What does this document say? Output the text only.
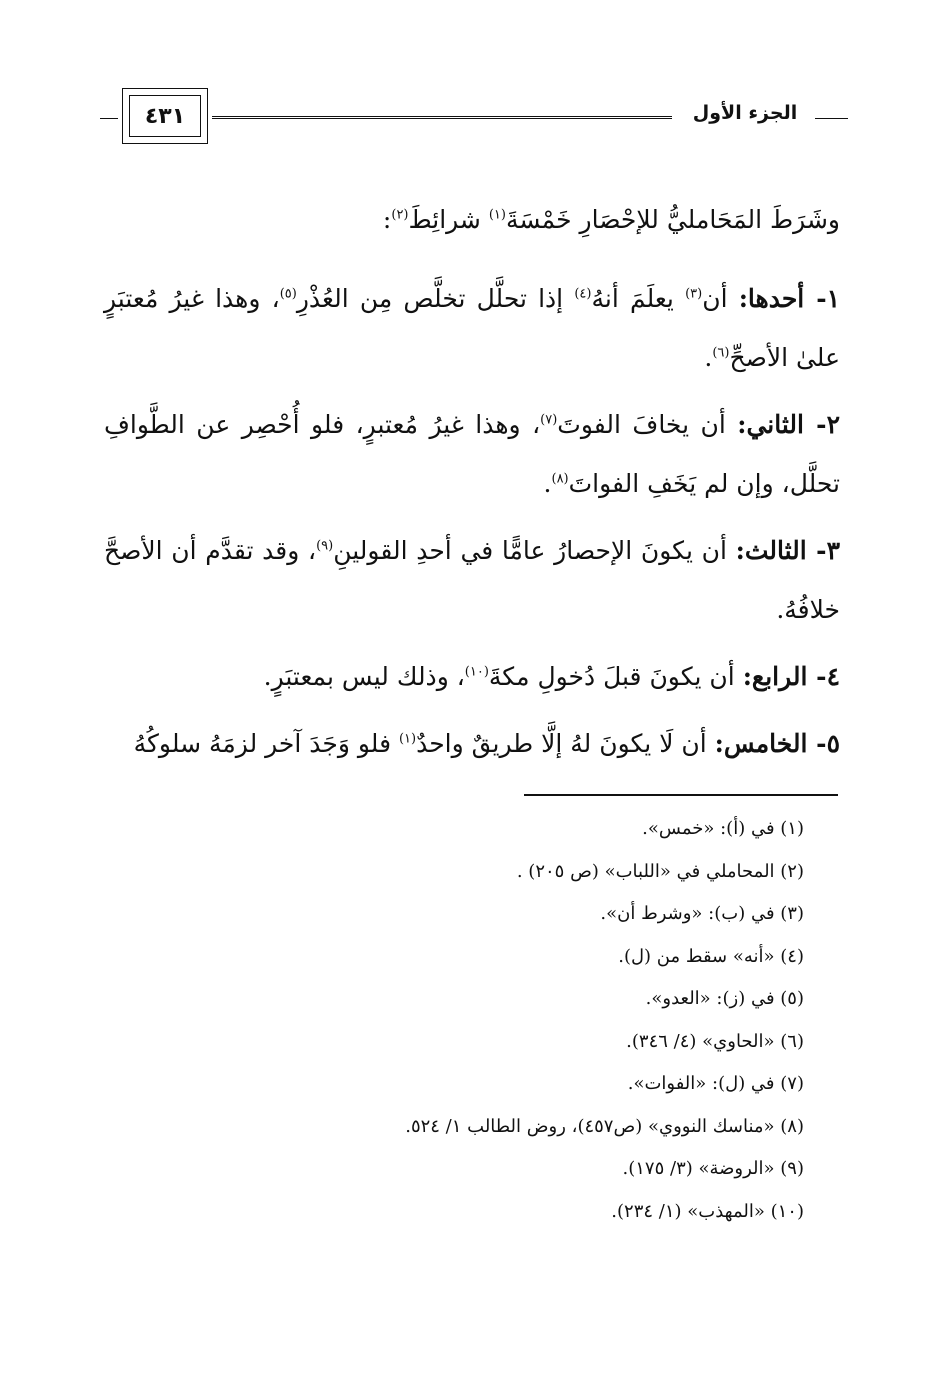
الجزء الأول
٤٣١

وشَرَطَ المَحَامليُّ للإحْصَارِ خَمْسَةَ$^{(١)}$ شرائِطَ$^{(٢)}$:

١- أحدها: أن$^{(٣)}$ يعلَمَ أنهُ$^{(٤)}$ إذا تحلَّل تخلَّص مِن العُذْرِ$^{(٥)}$، وهذا غيرُ مُعتبَرٍ علىٰ الأصحِّ$^{(٦)}$.

٢- الثاني: أن يخافَ الفوتَ$^{(٧)}$، وهذا غيرُ مُعتبرٍ، فلو أُحْصِر عن الطَّوافِ تحلَّل، وإن لم يَخَفِ الفواتَ$^{(٨)}$.

٣- الثالث: أن يكونَ الإحصارُ عامًّا في أحدِ القولينِ$^{(٩)}$، وقد تقدَّم أن الأصحَّ خلافُهُ.

٤- الرابع: أن يكونَ قبلَ دُخولِ مكةَ$^{(١٠)}$، وذلك ليس بمعتبَرٍ.

٥- الخامس: أن لَا يكونَ لهُ إلَّا طريقٌ واحدٌ$^{(١)}$ فلو وَجَدَ آخر لزمَهُ سلوكُهُ

(١) في (أ): «خمس».
(٢) المحاملي في «اللباب» (ص ٢٠٥) .
(٣) في (ب): «وشرط أن».
(٤) «أنه» سقط من (ل).
(٥) في (ز): «العدو».
(٦) «الحاوي» (٤/ ٣٤٦).
(٧) في (ل): «الفوات».
(٨) «مناسك النووي» (ص٤٥٧)، روض الطالب ١/ ٥٢٤.
(٩) «الروضة» (٣/ ١٧٥).
(١٠) «المهذب» (١/ ٢٣٤).
